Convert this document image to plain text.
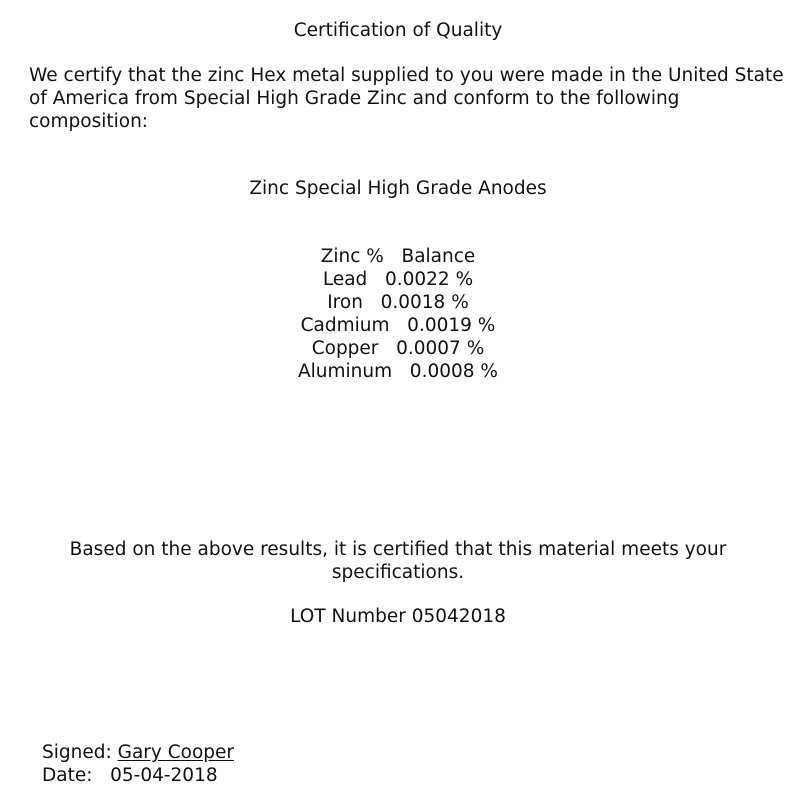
Certification of Quality
We certify that the zinc Hex metal supplied to you were made in the United State of America from Special High Grade Zinc and conform to the following composition:
Zinc Special High Grade Anodes
Zinc % Balance
Lead 0.0022 %
Iron 0.0018 %
Cadmium 0.0019 %
Copper 0.0007 %
Aluminum 0.0008 %
Based on the above results, it is certified that this material meets your specifications.
LOT Number 05042018
Signed: Gary Cooper
Date: 05-04-2018
